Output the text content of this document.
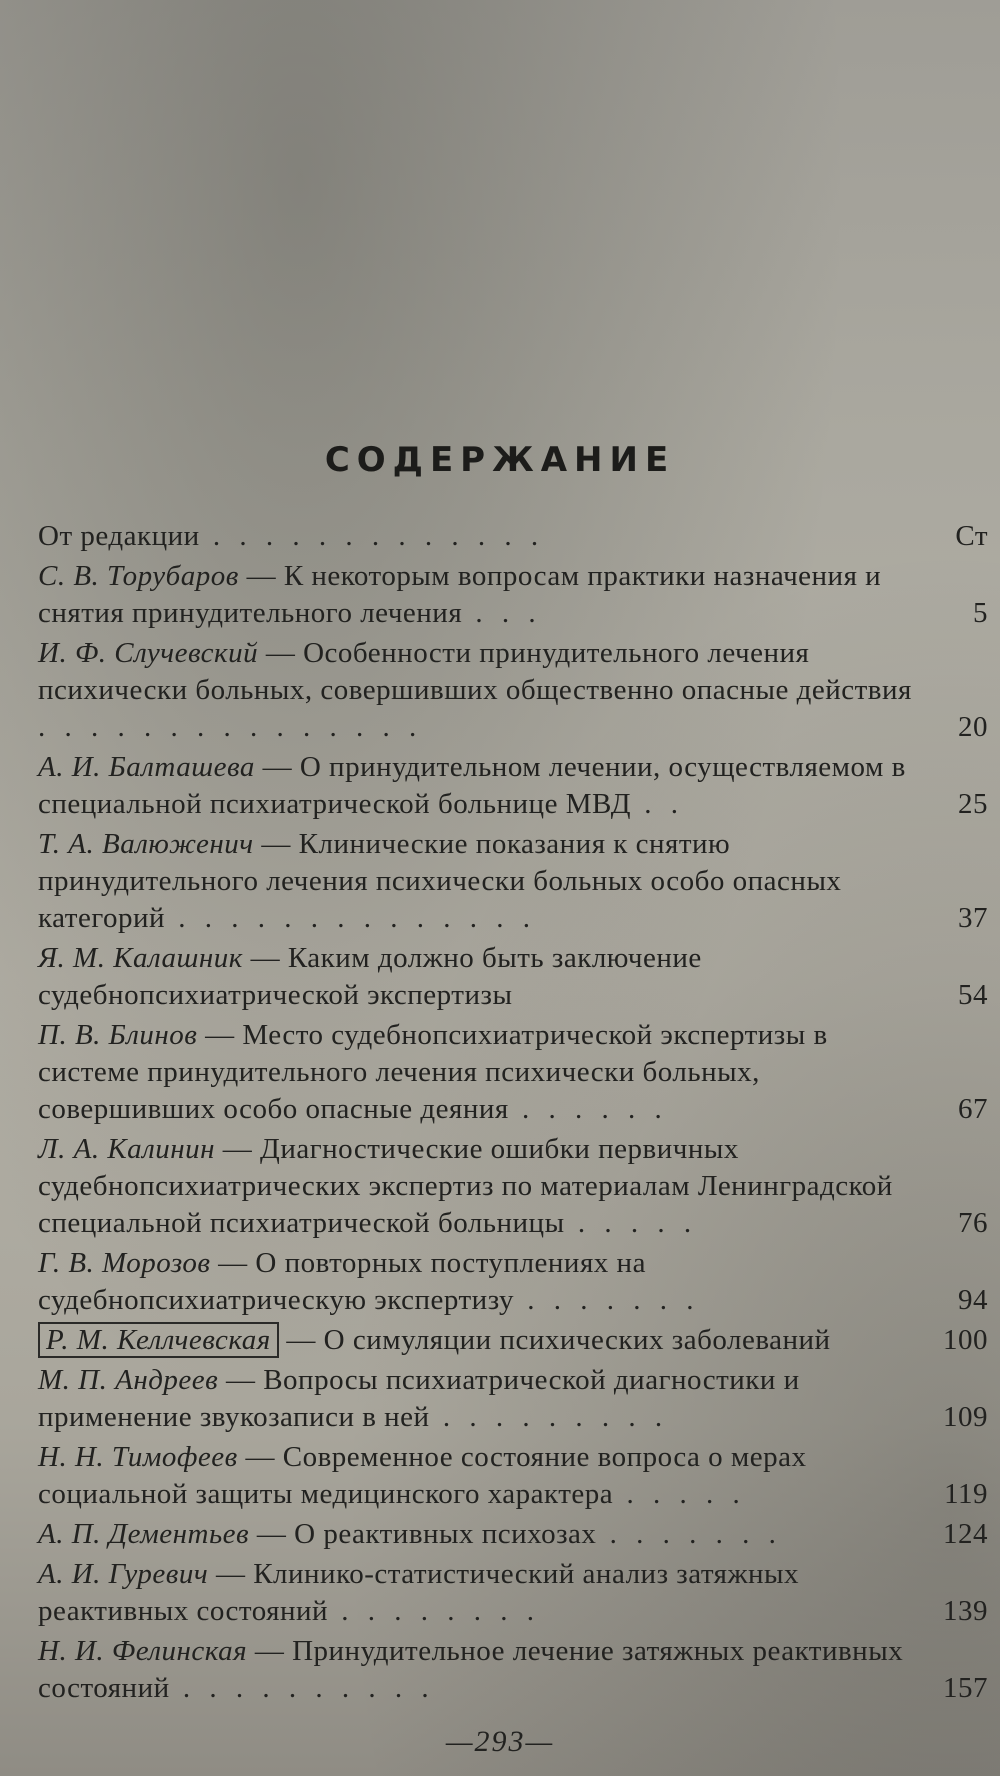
СОДЕРЖАНИЕ
От редакции . . . . . . . . . . . . .	Ст
С. В. Торубаров — К некоторым вопросам практики назначения и снятия принудительного лечения . . .	5
И. Ф. Случевский — Особенности принудительного лечения психически больных, совершивших общественно опасные действия . . . . . . . . . . . . . . .	20
А. И. Балташева — О принудительном лечении, осуществляемом в специальной психиатрической больнице МВД . .	25
Т. А. Валюженич — Клинические показания к снятию принудительного лечения психически больных особо опасных категорий . . . . . . . . . . . . . .	37
Я. М. Калашник — Каким должно быть заключение судебнопсихиатрической экспертизы	54
П. В. Блинов — Место судебнопсихиатрической экспертизы в системе принудительного лечения психически больных, совершивших особо опасные деяния . . . . . .	67
Л. А. Калинин — Диагностические ошибки первичных судебнопсихиатрических экспертиз по материалам Ленинградской специальной психиатрической больницы . . . . .	76
Г. В. Морозов — О повторных поступлениях на судебнопсихиатрическую экспертизу . . . . . . .	94
Р. М. Келлчевская — О симуляции психических заболеваний	100
М. П. Андреев — Вопросы психиатрической диагностики и применение звукозаписи в ней . . . . . . . . .	109
Н. Н. Тимофеев — Современное состояние вопроса о мерах социальной защиты медицинского характера . . . . .	119
А. П. Дементьев — О реактивных психозах . . . . . . .	124
А. И. Гуревич — Клинико-статистический анализ затяжных реактивных состояний . . . . . . . .	139
Н. И. Фелинская — Принудительное лечение затяжных реактивных состояний . . . . . . . . . .	157
—293—
